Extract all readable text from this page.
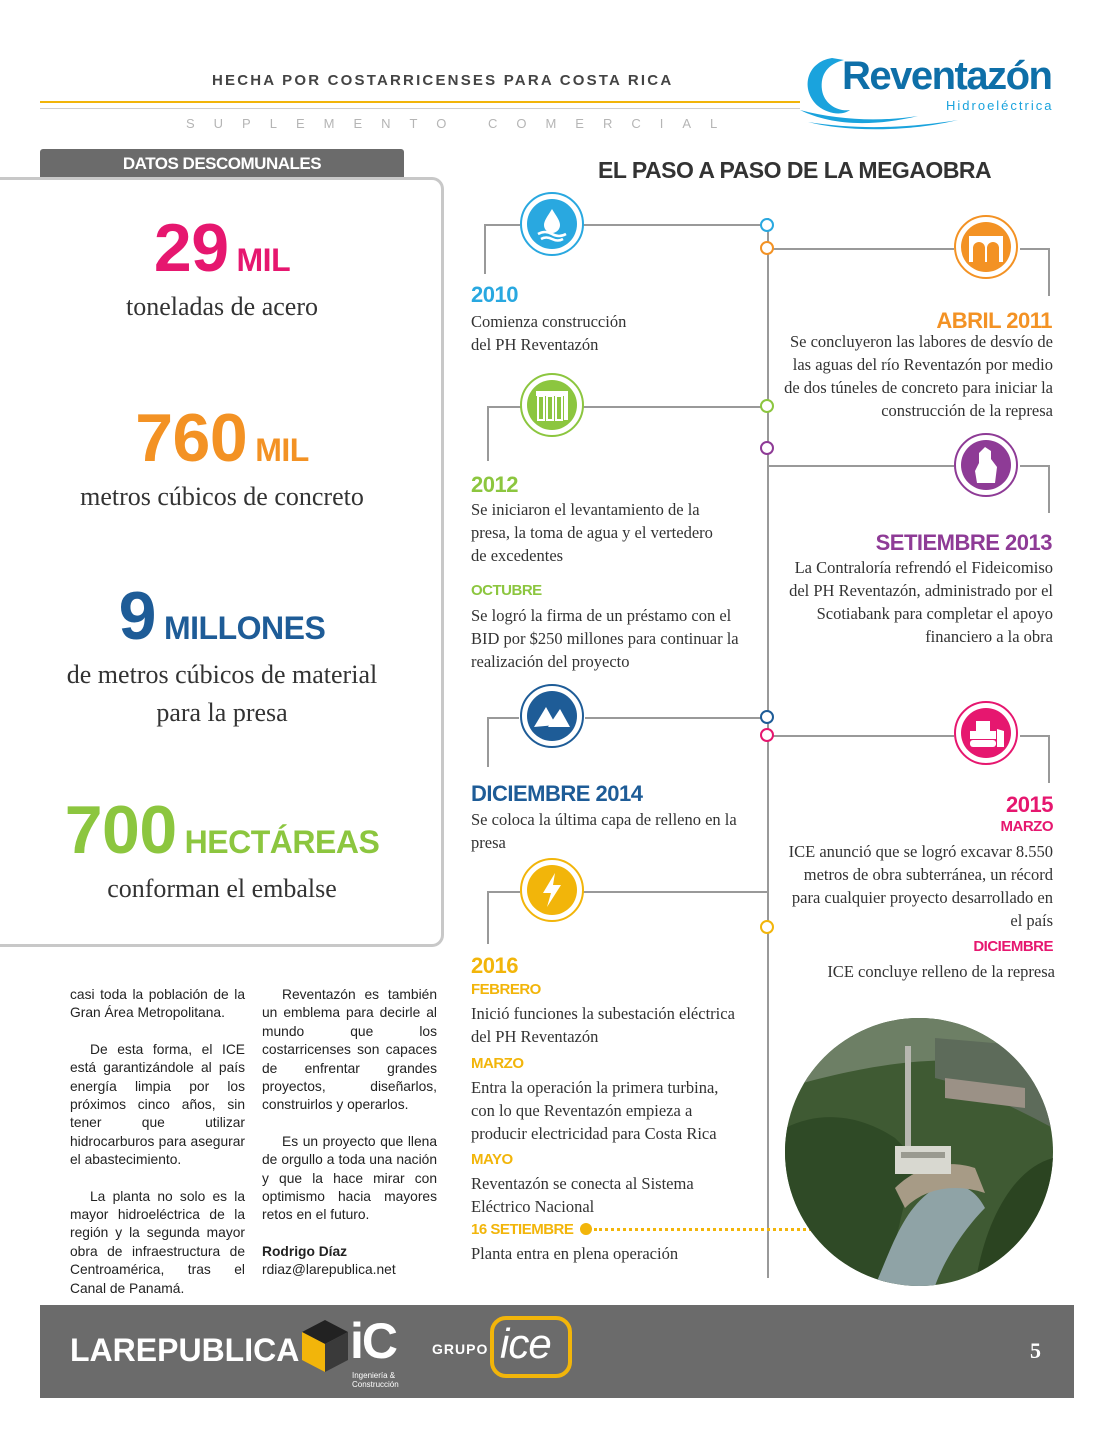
HECHA POR COSTARRICENSES PARA COSTA RICA
SUPLEMENTO COMERCIAL
Reventazón
Hidroeléctrica
DATOS DESCOMUNALES
29 MIL
toneladas de acero
760 MIL
metros cúbicos de concreto
9 MILLONES
de metros cúbicos de material para la presa
700 HECTÁREAS
conforman el embalse

casi toda la población de la Gran Área Metropolitana.

De esta forma, el ICE está garantizándole al país energía limpia por los próximos cinco años, sin tener que utilizar hidrocarburos para asegurar el abastecimiento.

La planta no solo es la mayor hidroeléctrica de la región y la segunda mayor obra de infraestructura de Centroamérica, tras el Canal de Panamá.

Reventazón es también un emblema para decirle al mundo que los costarricenses son capaces de enfrentar grandes proyectos, diseñarlos, construirlos y operarlos.

Es un proyecto que llena de orgullo a toda una nación y que la hace mirar con optimismo hacia mayores retos en el futuro.

Rodrigo Díaz
rdiaz@larepublica.net
EL PASO A PASO DE LA MEGAOBRA
2010
Comienza construcción del PH Reventazón
ABRIL 2011
Se concluyeron las labores de desvío de las aguas del río Reventazón por medio de dos túneles de concreto para iniciar la construcción de la represa
2012
Se iniciaron el levantamiento de la presa, la toma de agua y el vertedero de excedentes
OCTUBRE
Se logró la firma de un préstamo con el BID por $250 millones para continuar la realización del proyecto
SETIEMBRE 2013
La Contraloría refrendó el Fideicomiso del PH Reventazón, administrado por el Scotiabank para completar el apoyo financiero a la obra
DICIEMBRE 2014
Se coloca la última capa de relleno en la presa
2015
MARZO
ICE anunció que se logró excavar 8.550 metros de obra subterránea, un récord para cualquier proyecto desarrollado en el país
DICIEMBRE
ICE concluye relleno de la represa
2016
FEBRERO
Inició funciones la subestación eléctrica del PH Reventazón
MARZO
Entra la operación la primera turbina, con lo que Reventazón empieza a producir electricidad para Costa Rica
MAYO
Reventazón se conecta al Sistema Eléctrico Nacional
16 SETIEMBRE
Planta entra en plena operación
LAREPUBLICA iC
Ingeniería & Construcción
GRUPO ice	5
